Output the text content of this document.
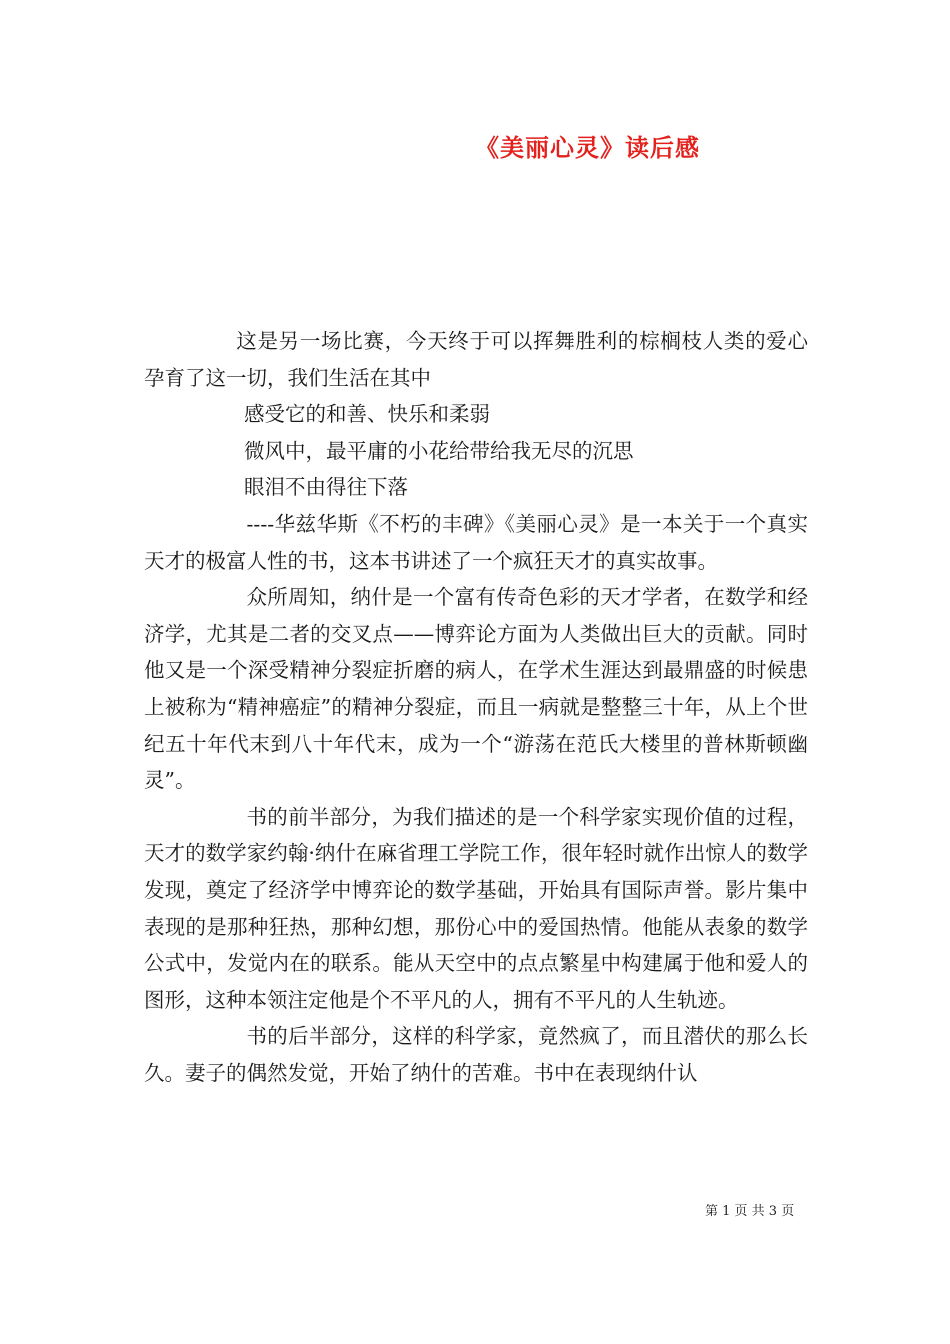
《美丽心灵》读后感

这是另一场比赛，今天终于可以挥舞胜利的棕榈枝人类的爱心孕育了这一切，我们生活在其中

感受它的和善、快乐和柔弱

微风中，最平庸的小花给带给我无尽的沉思

眼泪不由得往下落

----华兹华斯《不朽的丰碑》《美丽心灵》是一本关于一个真实天才的极富人性的书，这本书讲述了一个疯狂天才的真实故事。

众所周知，纳什是一个富有传奇色彩的天才学者，在数学和经济学，尤其是二者的交叉点——博弈论方面为人类做出巨大的贡献。同时他又是一个深受精神分裂症折磨的病人，在学术生涯达到最鼎盛的时候患上被称为“精神癌症”的精神分裂症，而且一病就是整整三十年，从上个世纪五十年代末到八十年代末，成为一个“游荡在范氏大楼里的普林斯顿幽灵”。

书的前半部分，为我们描述的是一个科学家实现价值的过程，天才的数学家约翰·纳什在麻省理工学院工作，很年轻时就作出惊人的数学发现，奠定了经济学中博弈论的数学基础，开始具有国际声誉。影片集中表现的是那种狂热，那种幻想，那份心中的爱国热情。他能从表象的数学公式中，发觉内在的联系。能从天空中的点点繁星中构建属于他和爱人的图形，这种本领注定他是个不平凡的人，拥有不平凡的人生轨迹。

书的后半部分，这样的科学家，竟然疯了，而且潜伏的那么长久。妻子的偶然发觉，开始了纳什的苦难。书中在表现纳什认

第 1 页 共 3 页
